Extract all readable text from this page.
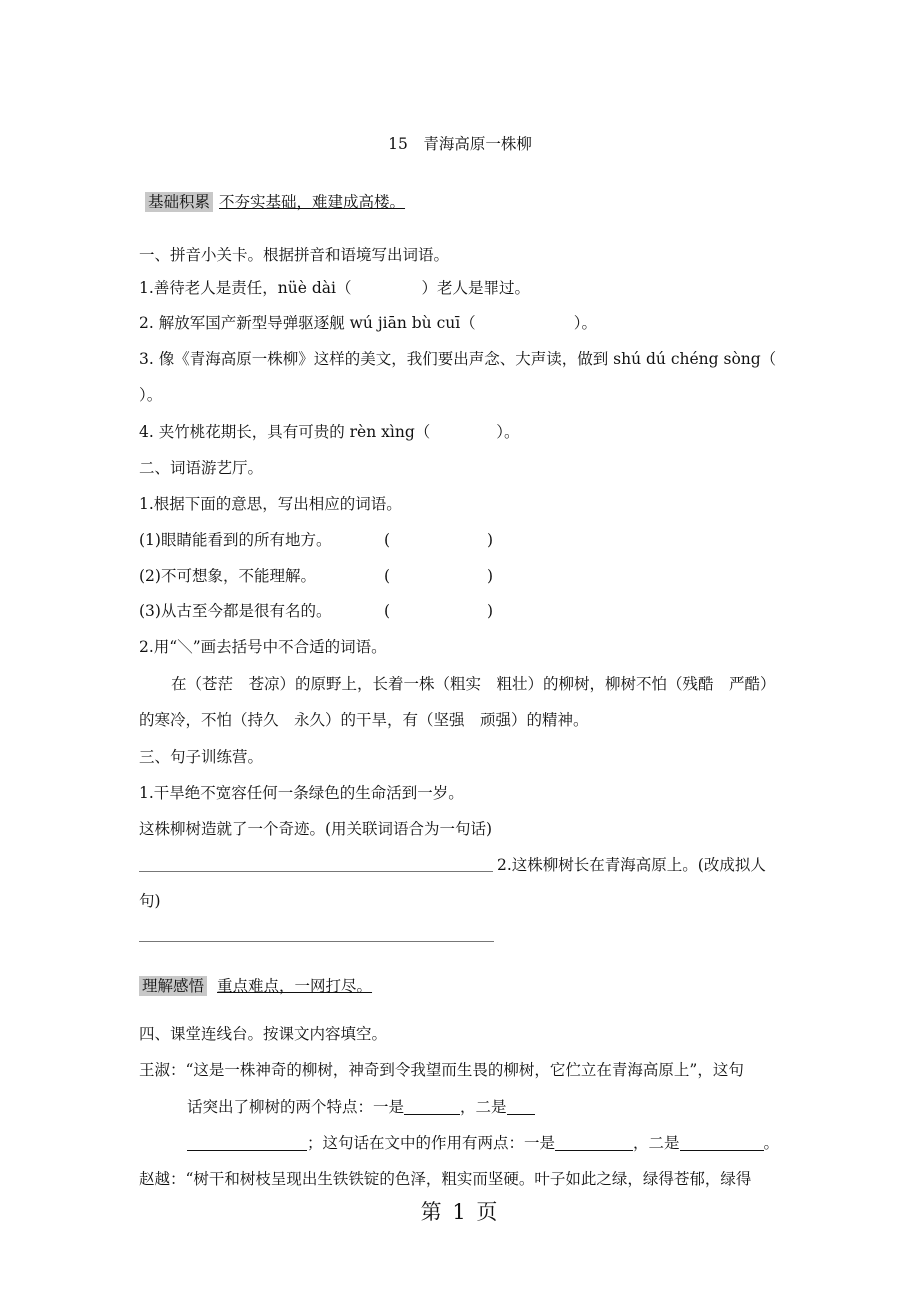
15　青海高原一株柳
基础积累 不夯实基础，难建成高楼。
一、拼音小关卡。根据拼音和语境写出词语。
1.善待老人是责任，nüè dài（	）老人是罪过。
2. 解放军国产新型导弹驱逐舰 wú jiān bù cuī（	）。
3. 像《青海高原一株柳》这样的美文，我们要出声念、大声读，做到 shú dú chéng sòng（
）。
4. 夹竹桃花期长，具有可贵的 rèn xìng（	）。
二、词语游艺厅。
1.根据下面的意思，写出相应的词语。
(1)眼睛能看到的所有地方。	(	)
(2)不可想象，不能理解。	(	)
(3)从古至今都是很有名的。	(	)
2.用“＼”画去括号中不合适的词语。
在（苍茫　苍凉）的原野上，长着一株（粗实　粗壮）的柳树，柳树不怕（残酷　严酷）
的寒冷，不怕（持久　永久）的干旱，有（坚强　顽强）的精神。
三、句子训练营。
1.干旱绝不宽容任何一条绿色的生命活到一岁。
这株柳树造就了一个奇迹。(用关联词语合为一句话)
2.这株柳树长在青海高原上。(改成拟人
句)
理解感悟 重点难点，一网打尽。
四、课堂连线台。按课文内容填空。
王淑：“这是一株神奇的柳树，神奇到令我望而生畏的柳树，它伫立在青海高原上”，这句
话突出了柳树的两个特点：一是	，二是
；这句话在文中的作用有两点：一是	，二是	。
赵越：“树干和树枝呈现出生铁铁锭的色泽，粗实而坚硬。叶子如此之绿，绿得苍郁，绿得
第 1 页
